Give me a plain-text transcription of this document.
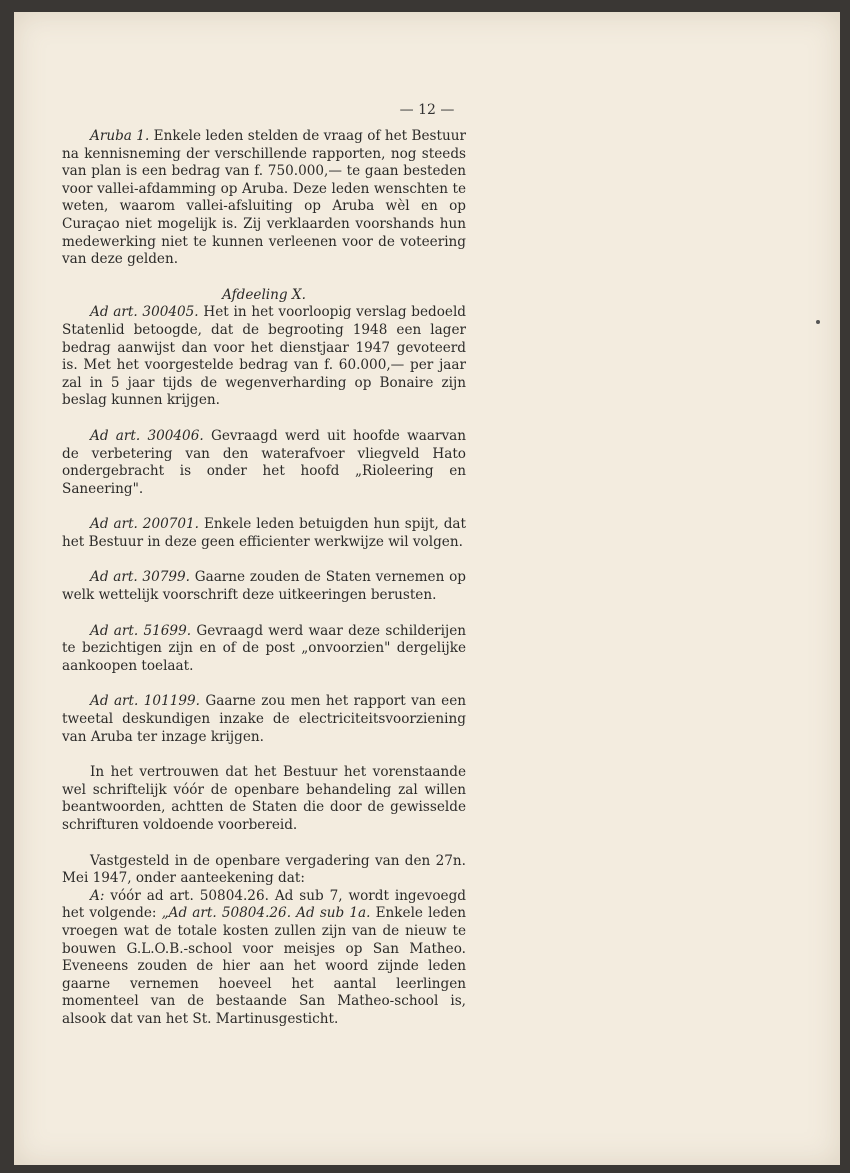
— 12 —

Aruba 1. Enkele leden stelden de vraag of het Bestuur na kennisneming der verschillende rapporten, nog steeds van plan is een bedrag van f. 750.000,— te gaan besteden voor vallei-afdamming op Aruba. Deze leden wenschten te weten, waarom vallei-afsluiting op Aruba wèl en op Curaçao niet mogelijk is. Zij verklaarden voorshands hun medewerking niet te kunnen verleenen voor de voteering van deze gelden.

Afdeeling X.

Ad art. 300405. Het in het voorloopig verslag bedoeld Statenlid betoogde, dat de begrooting 1948 een lager bedrag aanwijst dan voor het dienstjaar 1947 gevoteerd is. Met het voorgestelde bedrag van f. 60.000,— per jaar zal in 5 jaar tijds de wegenverharding op Bonaire zijn beslag kunnen krijgen.

Ad art. 300406. Gevraagd werd uit hoofde waarvan de verbetering van den waterafvoer vliegveld Hato ondergebracht is onder het hoofd „Rioleering en Saneering".

Ad art. 200701. Enkele leden betuigden hun spijt, dat het Bestuur in deze geen efficienter werkwijze wil volgen.

Ad art. 30799. Gaarne zouden de Staten vernemen op welk wettelijk voorschrift deze uitkeeringen berusten.

Ad art. 51699. Gevraagd werd waar deze schilderijen te bezichtigen zijn en of de post „onvoorzien" dergelijke aankoopen toelaat.

Ad art. 101199. Gaarne zou men het rapport van een tweetal deskundigen inzake de electriciteitsvoorziening van Aruba ter inzage krijgen.

In het vertrouwen dat het Bestuur het vorenstaande wel schriftelijk vóór de openbare behandeling zal willen beantwoorden, achtten de Staten die door de gewisselde schrifturen voldoende voorbereid.

Vastgesteld in de openbare vergadering van den 27n. Mei 1947, onder aanteekening dat:

A: vóór ad art. 50804.26. Ad sub 7, wordt ingevoegd het volgende: „Ad art. 50804.26. Ad sub 1a. Enkele leden vroegen wat de totale kosten zullen zijn van de nieuw te bouwen G.L.O.B.-school voor meisjes op San Matheo. Eveneens zouden de hier aan het woord zijnde leden gaarne vernemen hoeveel het aantal leerlingen momenteel van de bestaande San Matheo-school is, alsook dat van het St. Martinusgesticht.
